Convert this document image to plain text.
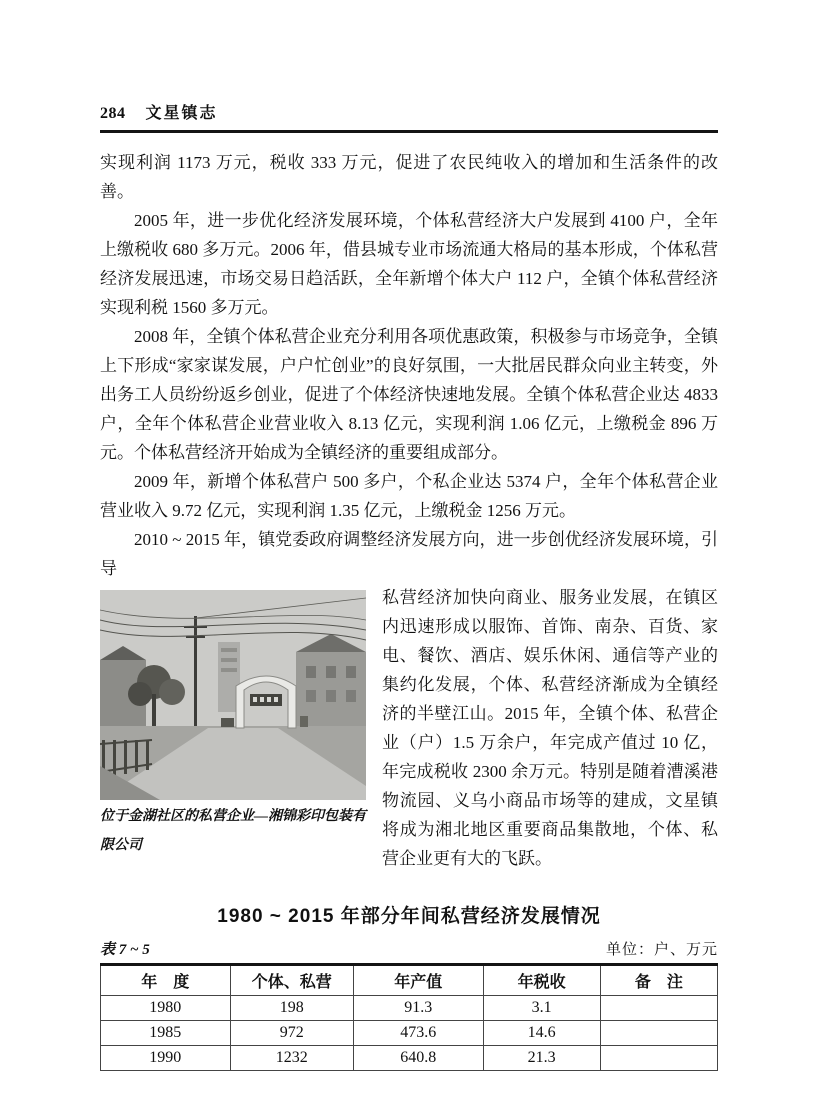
284 文星镇志

实现利润 1173 万元，税收 333 万元，促进了农民纯收入的增加和生活条件的改善。

2005 年，进一步优化经济发展环境，个体私营经济大户发展到 4100 户，全年上缴税收 680 多万元。2006 年，借县城专业市场流通大格局的基本形成，个体私营经济发展迅速，市场交易日趋活跃，全年新增个体大户 112 户，全镇个体私营经济实现利税 1560 多万元。

2008 年，全镇个体私营企业充分利用各项优惠政策，积极参与市场竞争，全镇上下形成“家家谋发展，户户忙创业”的良好氛围，一大批居民群众向业主转变，外出务工人员纷纷返乡创业，促进了个体经济快速地发展。全镇个体私营企业达 4833 户，全年个体私营企业营业收入 8.13 亿元，实现利润 1.06 亿元，上缴税金 896 万元。个体私营经济开始成为全镇经济的重要组成部分。

2009 年，新增个体私营户 500 多户，个私企业达 5374 户，全年个体私营企业营业收入 9.72 亿元，实现利润 1.35 亿元，上缴税金 1256 万元。

2010 ~ 2015 年，镇党委政府调整经济发展方向，进一步创优经济发展环境，引导

位于金湖社区的私营企业—湘锦彩印包装有限公司
私营经济加快向商业、服务业发展，在镇区内迅速形成以服饰、首饰、南杂、百货、家电、餐饮、酒店、娱乐休闲、通信等产业的集约化发展，个体、私营经济渐成为全镇经济的半壁江山。2015 年，全镇个体、私营企业（户）1.5 万余户，年完成产值过 10 亿，年完成税收 2300 余万元。特别是随着漕溪港物流园、义乌小商品市场等的建成，文星镇将成为湘北地区重要商品集散地，个体、私营企业更有大的飞跃。
1980 ~ 2015 年部分年间私营经济发展情况
表 7 ~ 5	单位：户、万元
年　度	个体、私营	年产值	年税收	备　注
1980	198	91.3	3.1	
1985	972	473.6	14.6	
1990	1232	640.8	21.3	
